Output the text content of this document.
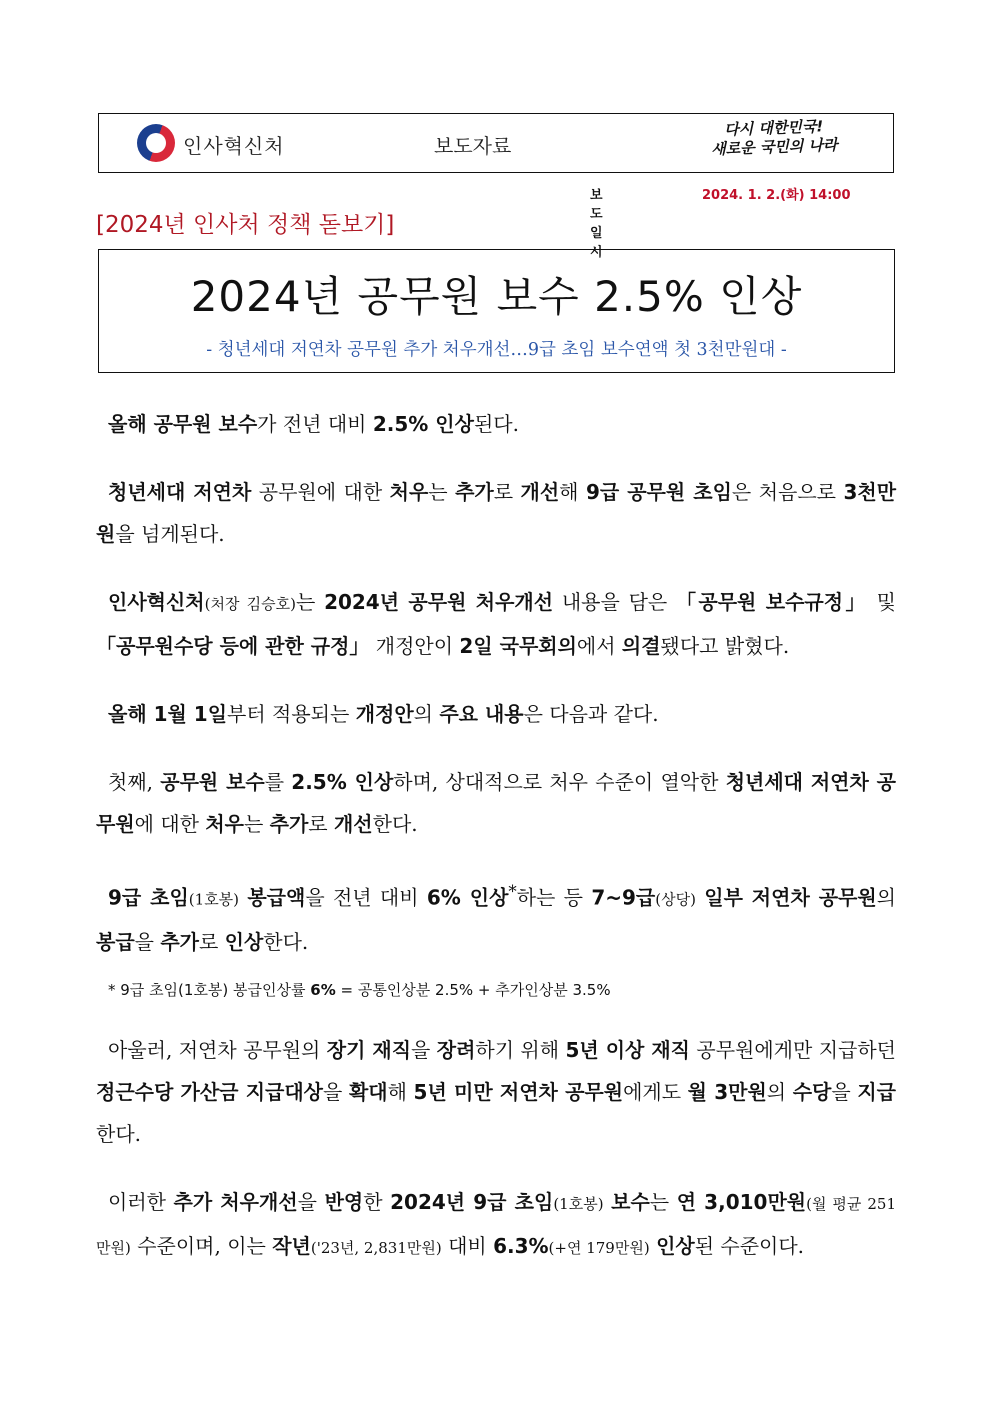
인사혁신처	보도자료
다시 대한민국!
새로운 국민의 나라
보도일시
2024. 1. 2.(화) 14:00
[2024년 인사처 정책 돋보기]
2024년 공무원 보수 2.5% 인상
- 청년세대 저연차 공무원 추가 처우개선…9급 초임 보수연액 첫 3천만원대 -

올해 공무원 보수가 전년 대비 2.5% 인상된다.

청년세대 저연차 공무원에 대한 처우는 추가로 개선해 9급 공무원 초임은 처음으로 3천만원을 넘게된다.

인사혁신처(처장 김승호)는 2024년 공무원 처우개선 내용을 담은 「공무원 보수규정」 및 「공무원수당 등에 관한 규정」 개정안이 2일 국무회의에서 의결됐다고 밝혔다.

올해 1월 1일부터 적용되는 개정안의 주요 내용은 다음과 같다.

첫째, 공무원 보수를 2.5% 인상하며, 상대적으로 처우 수준이 열악한 청년세대 저연차 공무원에 대한 처우는 추가로 개선한다.

9급 초임(1호봉) 봉급액을 전년 대비 6% 인상*하는 등 7~9급(상당) 일부 저연차 공무원의 봉급을 추가로 인상한다.

* 9급 초임(1호봉) 봉급인상률 6% = 공통인상분 2.5% + 추가인상분 3.5%

아울러, 저연차 공무원의 장기 재직을 장려하기 위해 5년 이상 재직 공무원에게만 지급하던 정근수당 가산금 지급대상을 확대해 5년 미만 저연차 공무원에게도 월 3만원의 수당을 지급한다.

이러한 추가 처우개선을 반영한 2024년 9급 초임(1호봉) 보수는 연 3,010만원(월 평균 251만원) 수준이며, 이는 작년('23년, 2,831만원) 대비 6.3%(+연 179만원) 인상된 수준이다.
